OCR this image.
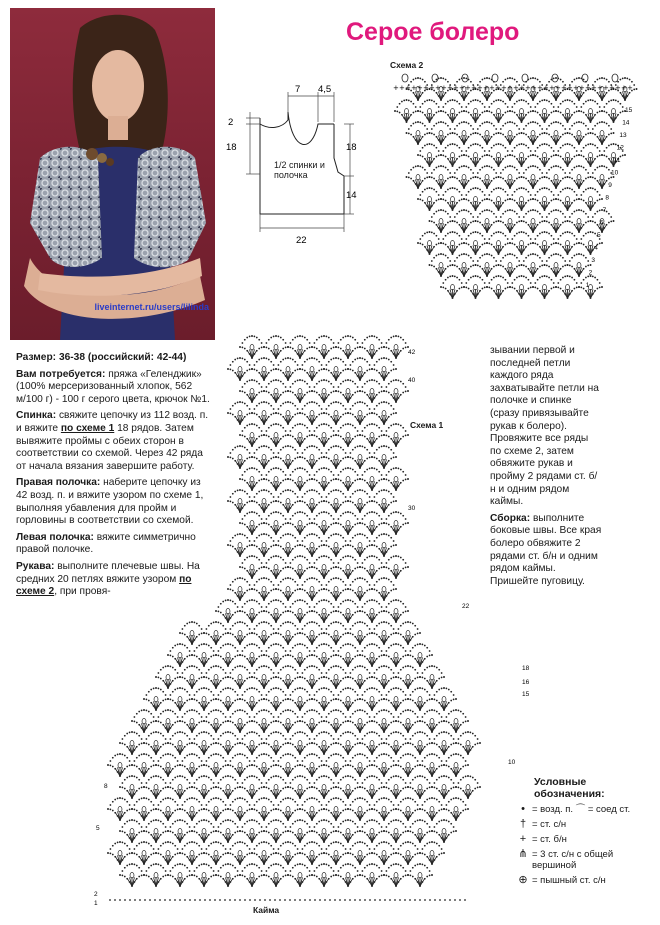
liveinternet.ru/users/lilinda
Серое болеро
7 4,5
2
18	18
14
22
1/2 спинки и полочка
Схема 2
+ + + + + + + + + + + + + + + + + + + + + + + + + + + + + + + + + + + + + + + +
15
14
13
12
11
10
9
8
7
6
5
4
3
2
1

Размер: 36-38 (российский: 42-44)

Вам потребуется: пряжа «Геленджик» (100% мерсеризованный хлопок, 562 м/100 г) - 100 г серого цвета, крючок №1.

Спинка: свяжите цепочку из 112 возд. п. и вяжите по схеме 1 18 рядов. Затем вывяжите проймы с обеих сторон в соответствии со схемой. Через 42 ряда от начала вязания завершите работу.

Правая полочка: наберите цепочку из 42 возд. п. и вяжите узором по схеме 1, выполняя убавления для пройм и горловины в соответствии со схемой.

Левая полочка: вяжите симметрично правой полочке.

Рукава: выполните плечевые швы. На средних 20 петлях вяжите узором по схеме 2, при провя-

зывании первой и последней петли каждого ряда захватывайте петли на полочке и спинке (сразу привязывайте рукав к болеро). Провяжите все ряды по схеме 2, затем обвяжите рукав и пройму 2 рядами ст. б/н и одним рядом каймы.

Сборка: выполните боковые швы. Все края болеро обвяжите 2 рядами ст. б/н и одним рядом каймы. Пришейте пуговицу.

Схема 1
42
40
30
22
18
16
15
10
8
5
2
1
Кайма
Условные обозначения:
• = возд. п. ⌒ = соед ст.
† = ст. с/н
+ = ст. б/н
⋔ = 3 ст. с/н с общей вершиной
⊕ = пышный ст. с/н
